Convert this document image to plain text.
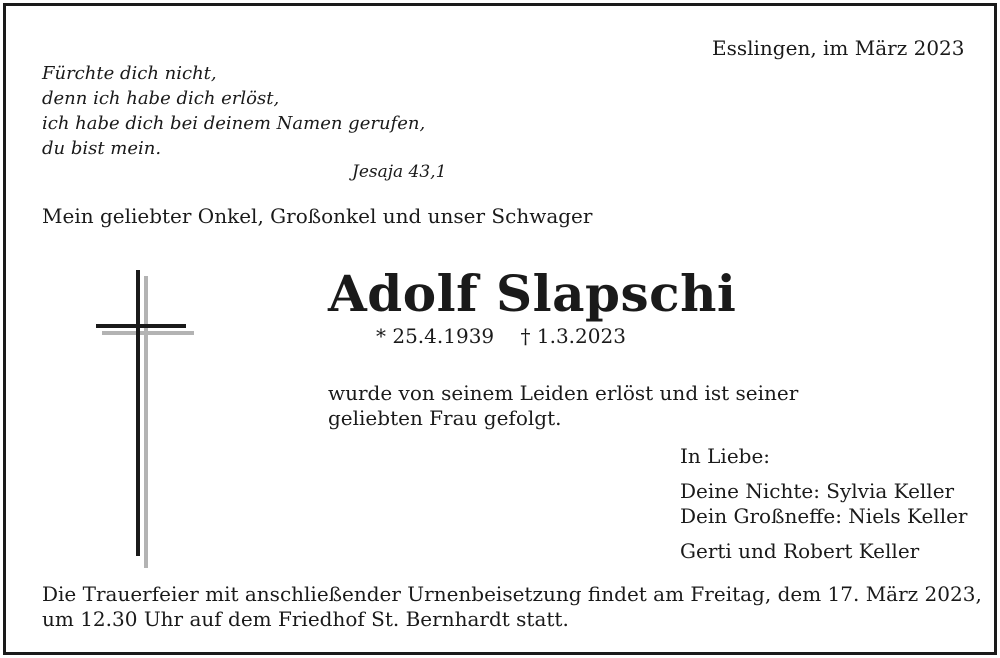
Esslingen, im März 2023
Fürchte dich nicht,
denn ich habe dich erlöst,
ich habe dich bei deinem Namen gerufen,
du bist mein.
Jesaja 43,1
Mein geliebter Onkel, Großonkel und unser Schwager
Adolf Slapschi
* 25.4.1939 † 1.3.2023
wurde von seinem Leiden erlöst und ist seiner
geliebten Frau gefolgt.
In Liebe:
Deine Nichte: Sylvia Keller
Dein Großneffe: Niels Keller
Gerti und Robert Keller
Die Trauerfeier mit anschließender Urnenbeisetzung findet am Freitag, dem 17. März 2023,
um 12.30 Uhr auf dem Friedhof St. Bernhardt statt.
